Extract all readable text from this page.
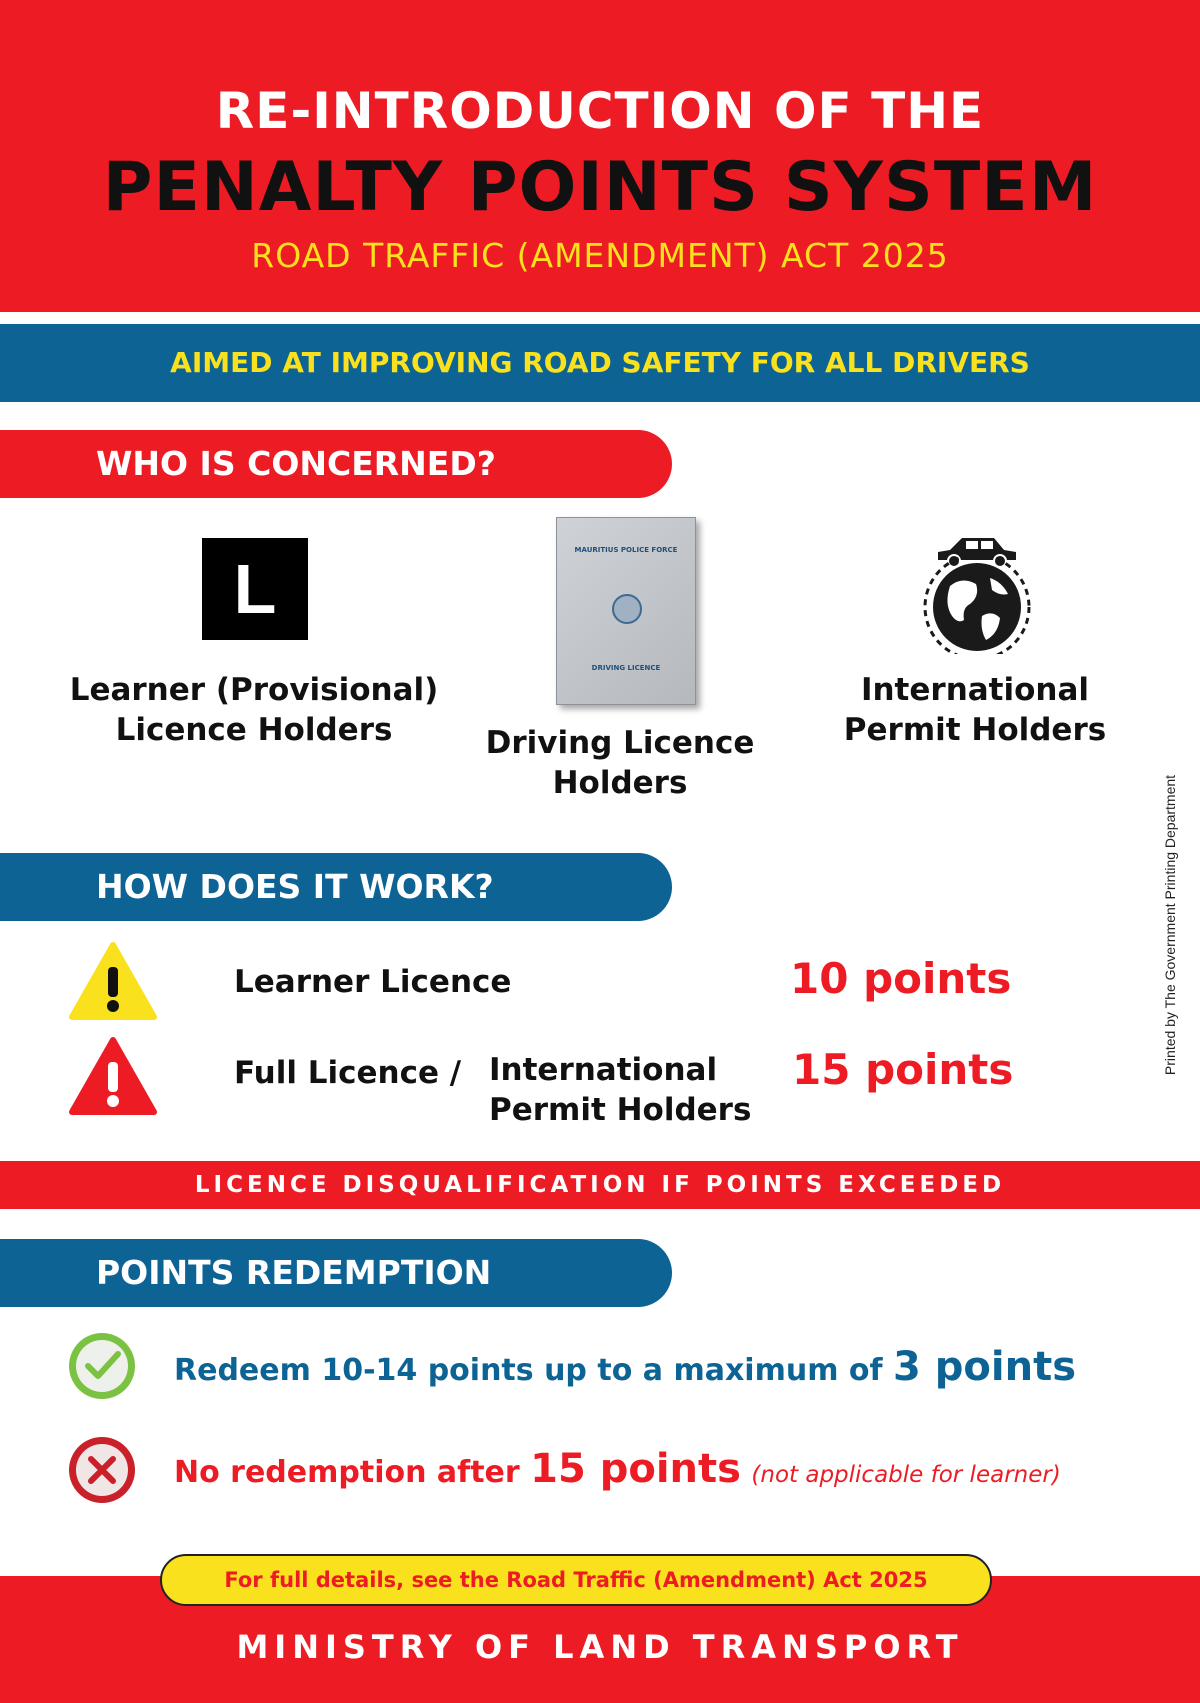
RE-INTRODUCTION OF THE
PENALTY POINTS SYSTEM
ROAD TRAFFIC (AMENDMENT) ACT 2025
AIMED AT IMPROVING ROAD SAFETY FOR ALL DRIVERS
WHO IS CONCERNED?
L	MAURITIUS POLICE FORCE
DRIVING LICENCE
Learner (Provisional)
Licence Holders	Driving Licence
Holders
International
Permit Holders
HOW DOES IT WORK?
Learner Licence	10 points
Full Licence / International
Permit Holders
15 points
LICENCE DISQUALIFICATION IF POINTS EXCEEDED
POINTS REDEMPTION
Redeem 10-14 points up to a maximum of 3 points
No redemption after 15 points (not applicable for learner)
For full details, see the Road Traffic (Amendment) Act 2025
MINISTRY OF LAND TRANSPORT
Printed by The Government Printing Department
